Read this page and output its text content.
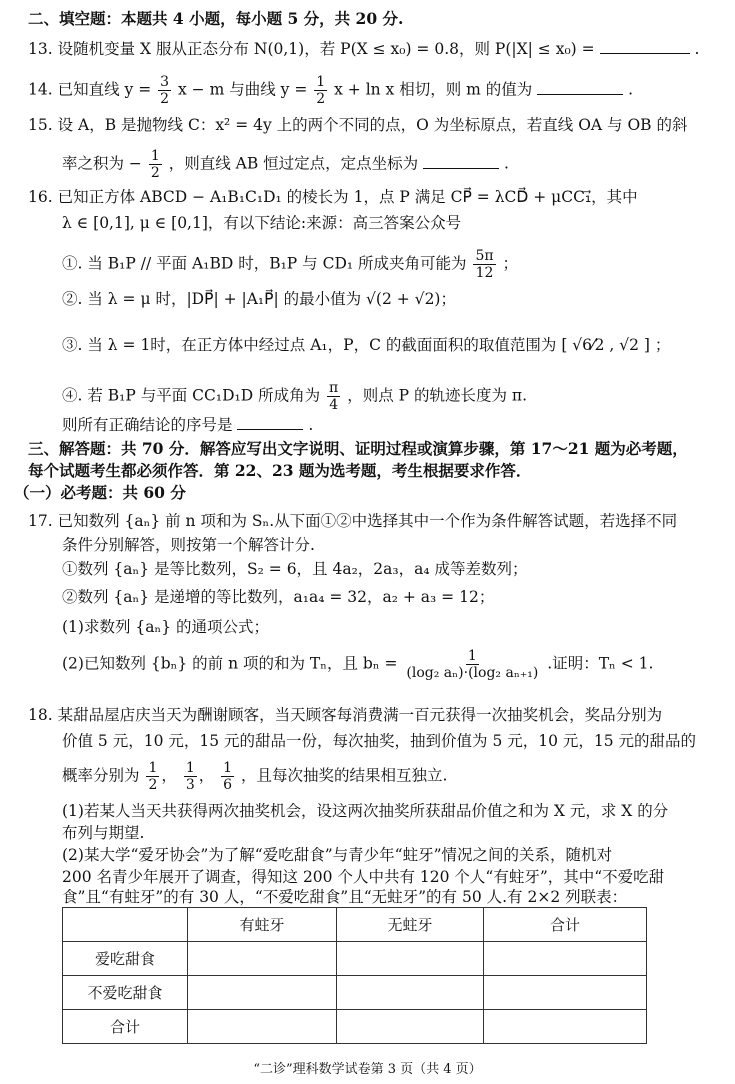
二、填空题：本题共 4 小题，每小题 5 分，共 20 分.
13. 设随机变量 X 服从正态分布 N(0,1)，若 P(X ≤ x₀) = 0.8，则 P(|X| ≤ x₀) =	.
14. 已知直线 $y = \frac{3}{2}$ x − m 与曲线 $y = \frac{1}{2}$ x + ln x 相切，则 m 的值为	.
15. 设 A，B 是抛物线 C：x² = 4y 上的两个不同的点，O 为坐标原点，若直线 OA 与 OB 的斜
率之积为 − $\frac{1}{2}$ ，则直线 AB 恒过定点，定点坐标为	.
16. 已知正方体 ABCD − A₁B₁C₁D₁ 的棱长为 1，点 P 满足 CP⃗ = λCD⃗ + μCC₁⃗，其中
λ ∈ [0,1], μ ∈ [0,1]，有以下结论:来源：高三答案公众号
①. 当 B₁P // 平面 A₁BD 时，B₁P 与 CD₁ 所成夹角可能为 $\frac{5\pi}{12}$ ；
②. 当 λ = μ 时，|DP⃗| + |A₁P⃗| 的最小值为 √(2 + √2)；
③. 当 λ = 1时，在正方体中经过点 A₁，P，C 的截面面积的取值范围为 [ √6⁄2 , √2 ] ；
④. 若 B₁P 与平面 CC₁D₁D 所成角为 $\frac{\pi}{4}$ ，则点 P 的轨迹长度为 π.
则所有正确结论的序号是	.
三、解答题：共 70 分．解答应写出文字说明、证明过程或演算步骤，第 17～21 题为必考题，
每个试题考生都必须作答．第 22、23 题为选考题，考生根据要求作答．
（一）必考题：共 60 分
17. 已知数列 {aₙ} 前 n 项和为 Sₙ.从下面①②中选择其中一个作为条件解答试题，若选择不同
条件分别解答，则按第一个解答计分.
①数列 {aₙ} 是等比数列，S₂ = 6，且 4a₂，2a₃，a₄ 成等差数列；
②数列 {aₙ} 是递增的等比数列，a₁a₄ = 32，a₂ + a₃ = 12；
(1)求数列 {aₙ} 的通项公式；
(2)已知数列 {bₙ} 的前 n 项的和为 Tₙ，且 $b_n = \frac{1}{\text{(log₂ aₙ)·(log₂ aₙ₊₁)}}$ .证明：Tₙ < 1.
18. 某甜品屋店庆当天为酬谢顾客，当天顾客每消费满一百元获得一次抽奖机会，奖品分别为
价值 5 元，10 元，15 元的甜品一份，每次抽奖，抽到价值为 5 元，10 元，15 元的甜品的
概率分别为 $\frac{1}{2}$ ， $\frac{1}{3}$ ， $\frac{1}{6}$ ，且每次抽奖的结果相互独立.
(1)若某人当天共获得两次抽奖机会，设这两次抽奖所获甜品价值之和为 X 元，求 X 的分
布列与期望.
(2)某大学“爱牙协会”为了解“爱吃甜食”与青少年“蛀牙”情况之间的关系，随机对
200 名青少年展开了调查，得知这 200 个人中共有 120 个人“有蛀牙”，其中“不爱吃甜
食”且“有蛀牙”的有 30 人，“不爱吃甜食”且“无蛀牙”的有 50 人.有 2×2 列联表：
	有蛀牙	无蛀牙	合计
爱吃甜食			
不爱吃甜食			
合计			
“二诊”理科数学试卷第 3 页（共 4 页）
